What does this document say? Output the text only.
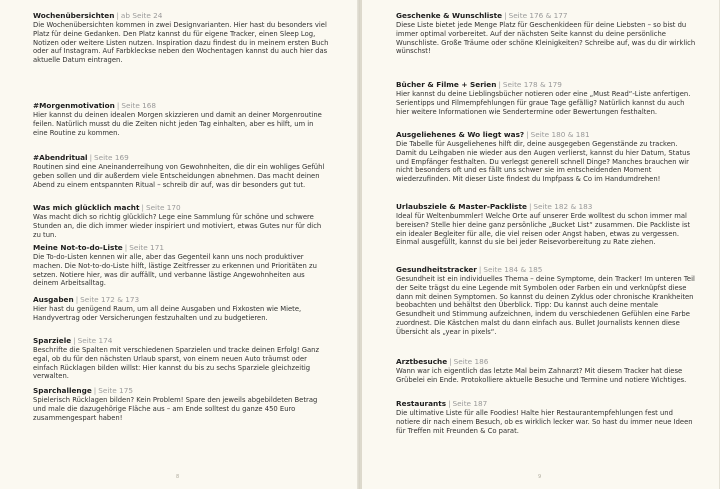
Wochenübersichten | ab Seite 24
Die Wochenübersichten kommen in zwei Designvarianten. Hier hast du besonders viel Platz für deine Gedanken. Den Platz kannst du für eigene Tracker, einen Sleep Log, Notizen oder weitere Listen nutzen. Inspiration dazu findest du in meinem ersten Buch oder auf Instagram. Auf Farbkleckse neben den Wochentagen kannst du auch hier das aktuelle Datum eintragen.
#Morgenmotivation | Seite 168
Hier kannst du deinen idealen Morgen skizzieren und damit an deiner Morgenroutine feilen. Natürlich musst du die Zeiten nicht jeden Tag einhalten, aber es hilft, um in eine Routine zu kommen.
#Abendritual | Seite 169
Routinen sind eine Aneinanderreihung von Gewohnheiten, die dir ein wohliges Gefühl geben sollen und dir außerdem viele Entscheidungen abnehmen. Das macht deinen Abend zu einem entspannten Ritual – schreib dir auf, was dir besonders gut tut.
Was mich glücklich macht | Seite 170
Was macht dich so richtig glücklich? Lege eine Sammlung für schöne und schwere Stunden an, die dich immer wieder inspiriert und motiviert, etwas Gutes nur für dich zu tun.
Meine Not-to-do-Liste | Seite 171
Die To-do-Listen kennen wir alle, aber das Gegenteil kann uns noch produktiver machen. Die Not-to-do-Liste hilft, lästige Zeitfresser zu erkennen und Prioritäten zu setzen. Notiere hier, was dir auffällt, und verbanne lästige Angewohnheiten aus deinem Arbeitsalltag.
Ausgaben | Seite 172 & 173
Hier hast du genügend Raum, um all deine Ausgaben und Fixkosten wie Miete, Handyvertrag oder Versicherungen festzuhalten und zu budgetieren.
Sparziele | Seite 174
Beschrifte die Spalten mit verschiedenen Sparzielen und tracke deinen Erfolg! Ganz egal, ob du für den nächsten Urlaub sparst, von einem neuen Auto träumst oder einfach Rücklagen bilden willst: Hier kannst du bis zu sechs Sparziele gleichzeitig verwalten.
Sparchallenge | Seite 175
Spielerisch Rücklagen bilden? Kein Problem! Spare den jeweils abgebildeten Betrag und male die dazugehörige Fläche aus – am Ende solltest du ganze 450 Euro zusammengespart haben!
8
Geschenke & Wunschliste | Seite 176 & 177
Diese Liste bietet jede Menge Platz für Geschenkideen für deine Liebsten – so bist du immer optimal vorbereitet. Auf der nächsten Seite kannst du deine persönliche Wunschliste. Große Träume oder schöne Kleinigkeiten? Schreibe auf, was du dir wirklich wünschst!
Bücher & Filme + Serien | Seite 178 & 179
Hier kannst du deine Lieblingsbücher notieren oder eine „Must Read“-Liste anfertigen. Serientipps und Filmempfehlungen für graue Tage gefällig? Natürlich kannst du auch hier weitere Informationen wie Senderterminе oder Bewertungen festhalten.
Ausgeliehenes & Wo liegt was? | Seite 180 & 181
Die Tabelle für Ausgeliehenes hilft dir, deine ausgegeben Gegenstände zu tracken. Damit du Leihgaben nie wieder aus den Augen verlierst, kannst du hier Datum, Status und Empfänger festhalten. Du verlegst generell schnell Dinge? Manches brauchen wir nicht besonders oft und es fällt uns schwer sie im entscheidenden Moment wiederzufinden. Mit dieser Liste findest du Impfpass & Co im Handumdrehen!
Urlaubsziele & Master-Packliste | Seite 182 & 183
Ideal für Weltenbummler! Welche Orte auf unserer Erde wolltest du schon immer mal bereisen? Stelle hier deine ganz persönliche „Bucket List“ zusammen. Die Packliste ist ein idealer Begleiter für alle, die viel reisen oder Angst haben, etwas zu vergessen. Einmal ausgefüllt, kannst du sie bei jeder Reisevorbereitung zu Rate ziehen.
Gesundheitstracker | Seite 184 & 185
Gesundheit ist ein individuelles Thema – deine Symptome, dein Tracker! Im unteren Teil der Seite trägst du eine Legende mit Symbolen oder Farben ein und verknüpfst diese dann mit deinen Symptomen. So kannst du deinen Zyklus oder chronische Krankheiten beobachten und behältst den Überblick. Tipp: Du kannst auch deine mentale Gesundheit und Stimmung aufzeichnen, indem du verschiedenen Gefühlen eine Farbe zuordnest. Die Kästchen malst du dann einfach aus. Bullet Journalists kennen diese Übersicht als „year in pixels“.
Arztbesuche | Seite 186
Wann war ich eigentlich das letzte Mal beim Zahnarzt? Mit diesem Tracker hat diese Grübelei ein Ende. Protokolliere aktuelle Besuche und Termine und notiere Wichtiges.
Restaurants | Seite 187
Die ultimative Liste für alle Foodies! Halte hier Restaurantempfehlungen fest und notiere dir nach einem Besuch, ob es wirklich lecker war. So hast du immer neue Ideen für Treffen mit Freunden & Co parat.
9
